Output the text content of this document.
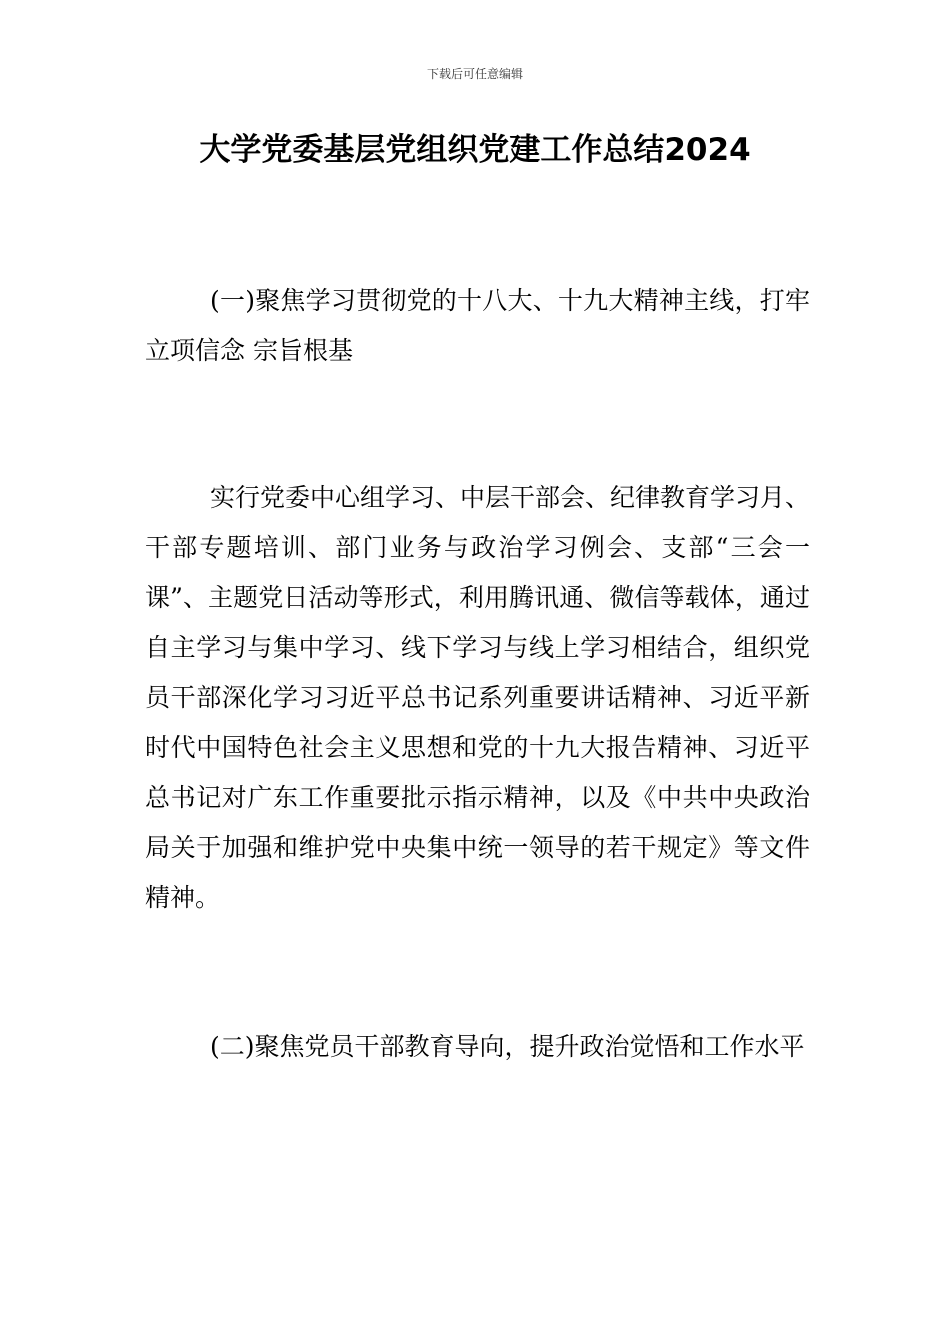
下载后可任意编辑
大学党委基层党组织党建工作总结2024

(一)聚焦学习贯彻党的十八大、十九大精神主线，打牢立项信念 宗旨根基

实行党委中心组学习、中层干部会、纪律教育学习月、干部专题培训、部门业务与政治学习例会、支部“三会一课”、主题党日活动等形式，利用腾讯通、微信等载体，通过自主学习与集中学习、线下学习与线上学习相结合，组织党员干部深化学习习近平总书记系列重要讲话精神、习近平新时代中国特色社会主义思想和党的十九大报告精神、习近平总书记对广东工作重要批示指示精神，以及《中共中央政治局关于加强和维护党中央集中统一领导的若干规定》等文件精神。

(二)聚焦党员干部教育导向，提升政治觉悟和工作水平
